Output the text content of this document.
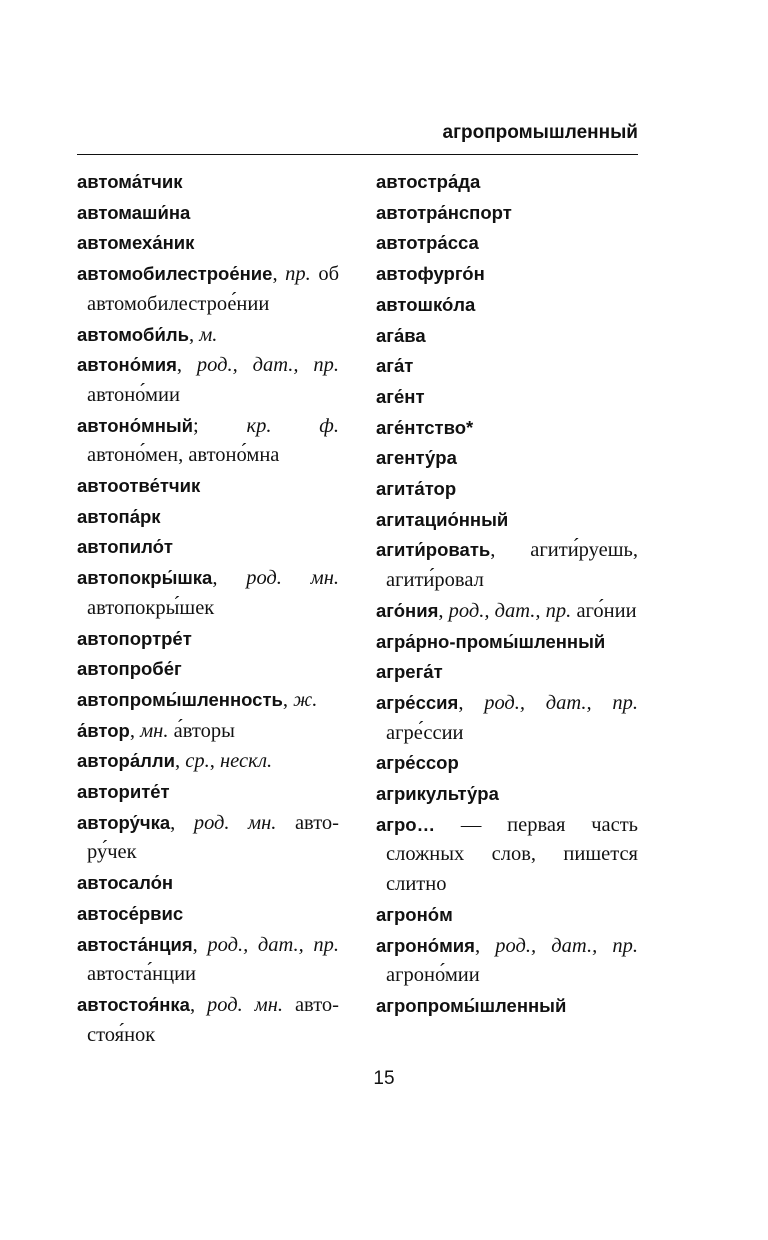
агропромышленный
автома́тчик
автомаши́на
автомеха́ник
автомобилестрое́ние, пр. об автомобилестрое́нии
автомоби́ль, м.
автоно́мия, род., дат., пр. автоно́мии
автоно́мный; кр. ф. автоно́мен, автоно́мна
автоотве́тчик
автопа́рк
автопило́т
автопокры́шка, род. мн. автопокры́шек
автопортре́т
автопробе́г
автопромы́шленность, ж.
а́втор, мн. а́вторы
автора́лли, ср., нескл.
авторите́т
автору́чка, род. мн. автору́чек
автосало́н
автосе́рвис
автоста́нция, род., дат., пр. автоста́нции
автостоя́нка, род. мн. автостоя́нок
автостра́да
автотра́нспорт
автотра́сса
автофурго́н
автошко́ла
ага́ва
ага́т
аге́нт
аге́нтство*
агенту́ра
агита́тор
агитацио́нный
агити́ровать, агити́руешь, агити́ровал
аго́ния, род., дат., пр. аго́нии
агра́рно-промы́шленный
агрега́т
агре́ссия, род., дат., пр. агре́ссии
агре́ссор
агрикульту́ра
агро… — первая часть сложных слов, пишется слитно
агроно́м
агроно́мия, род., дат., пр. агроно́мии
агропромы́шленный
15
